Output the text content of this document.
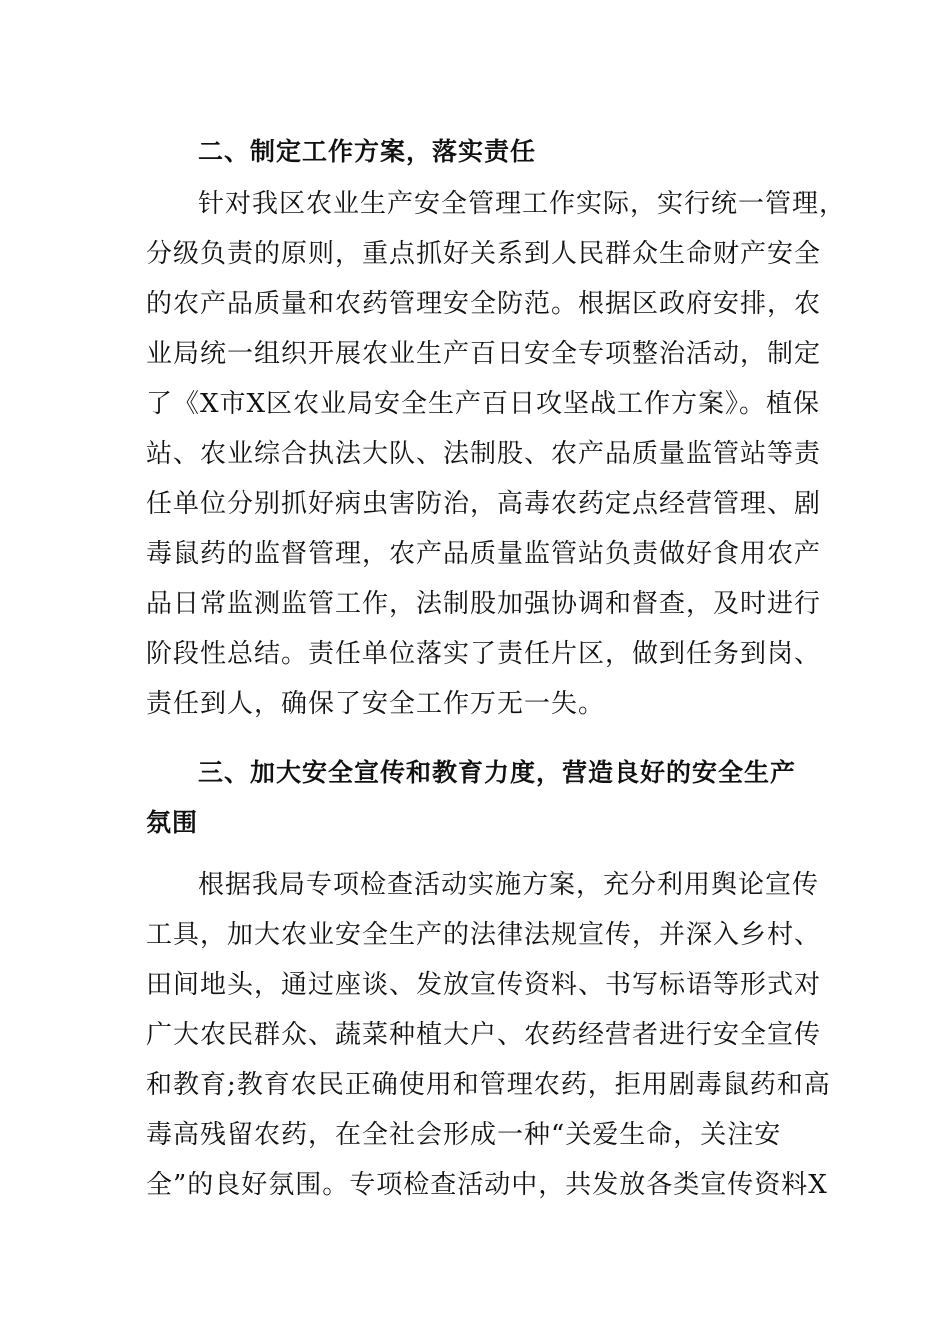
二、制定工作方案，落实责任
针对我区农业生产安全管理工作实际，实行统一管理，
分级负责的原则，重点抓好关系到人民群众生命财产安全
的农产品质量和农药管理安全防范。根据区政府安排，农
业局统一组织开展农业生产百日安全专项整治活动，制定
了《X市X区农业局安全生产百日攻坚战工作方案》。植保
站、农业综合执法大队、法制股、农产品质量监管站等责
任单位分别抓好病虫害防治，高毒农药定点经营管理、剧
毒鼠药的监督管理，农产品质量监管站负责做好食用农产
品日常监测监管工作，法制股加强协调和督查，及时进行
阶段性总结。责任单位落实了责任片区，做到任务到岗、
责任到人，确保了安全工作万无一失。
三、加大安全宣传和教育力度，营造良好的安全生产
氛围
根据我局专项检查活动实施方案，充分利用舆论宣传
工具，加大农业安全生产的法律法规宣传，并深入乡村、
田间地头，通过座谈、发放宣传资料、书写标语等形式对
广大农民群众、蔬菜种植大户、农药经营者进行安全宣传
和教育;教育农民正确使用和管理农药，拒用剧毒鼠药和高
毒高残留农药，在全社会形成一种“关爱生命，关注安
全”的良好氛围。专项检查活动中，共发放各类宣传资料X
